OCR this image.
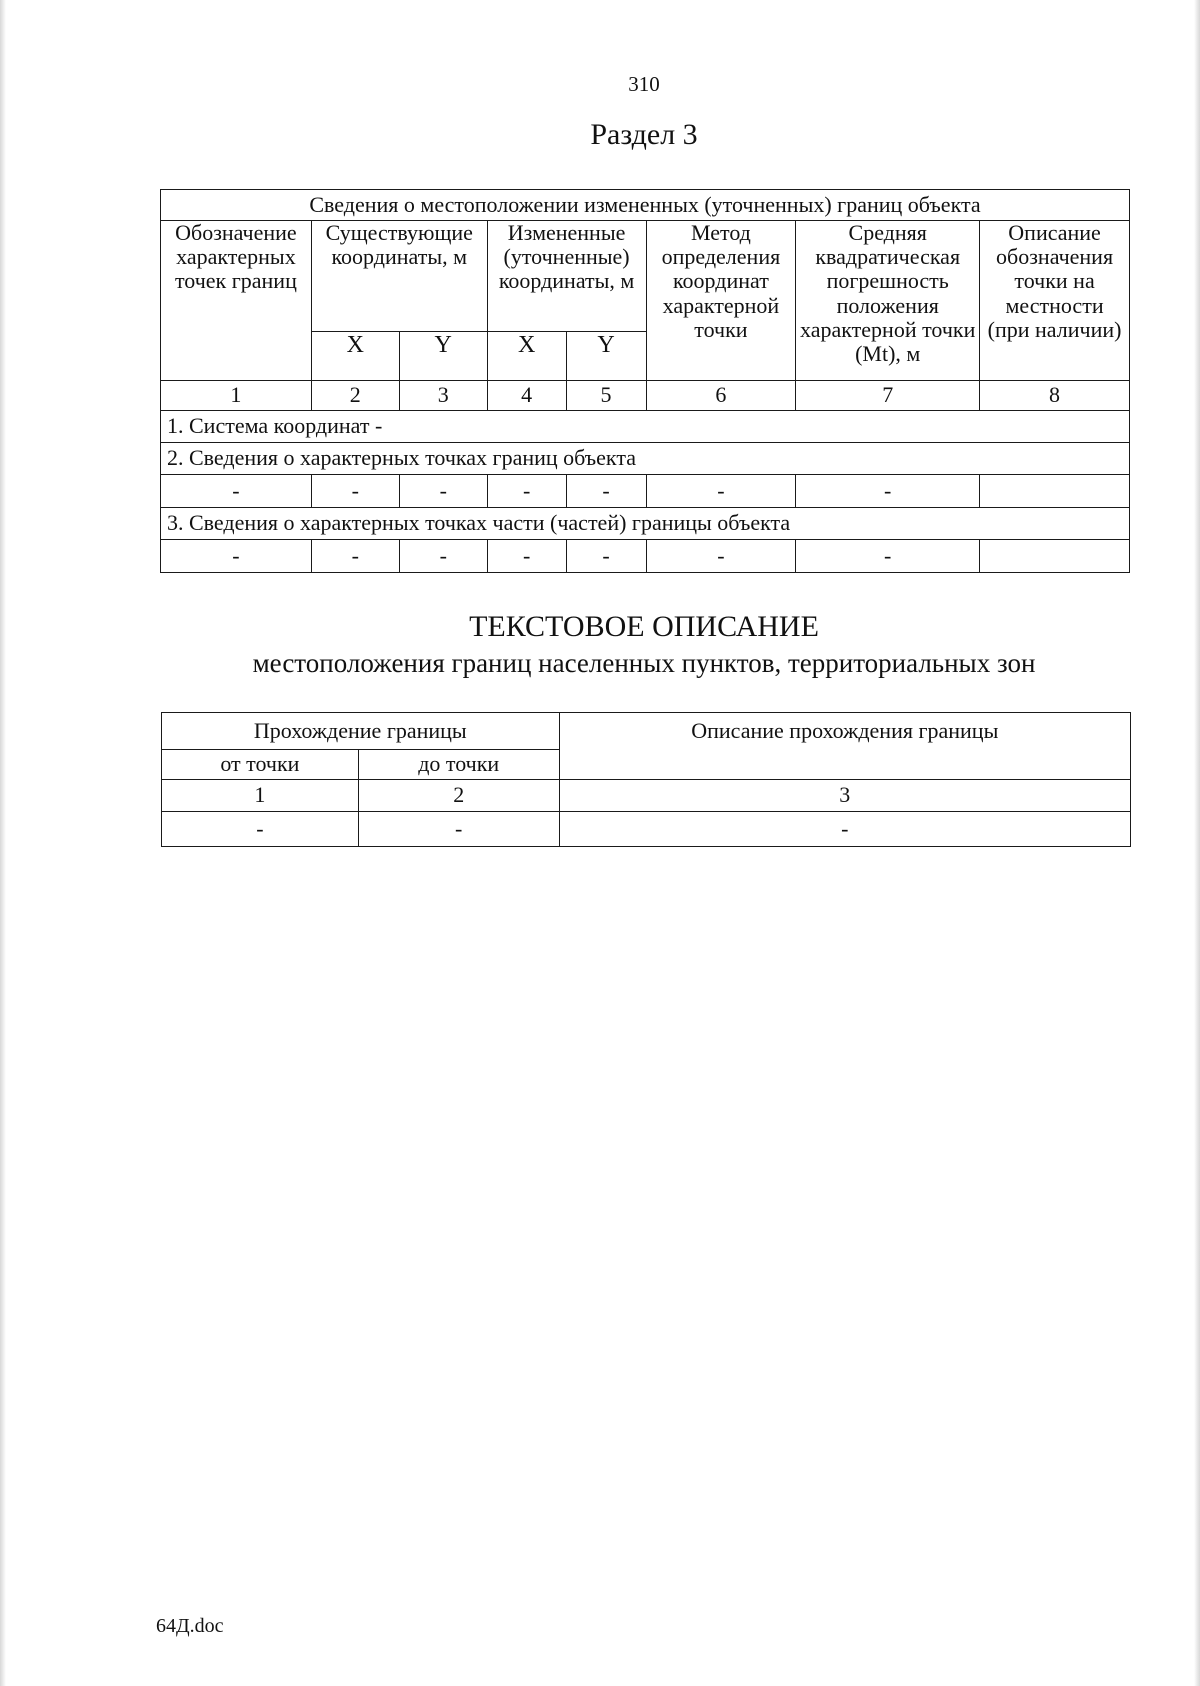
310
Раздел 3
Сведения о местоположении измененных (уточненных) границ объекта							
Обозначение характерных точек границ	Существующие координаты, м		Измененные (уточненные) координаты, м		Метод определения координат характерной точки	Средняя квадратическая погрешность положения характерной точки (Mt), м	Описание обозначения точки на местности (при наличии)
	X	Y	X	Y			
1	2	3	4	5	6	7	8
1. Система координат -							
2. Сведения о характерных точках границ объекта							
-	-	-	-	-	-	-	
3. Сведения о характерных точках части (частей) границы объекта							
-	-	-	-	-	-	-	
ТЕКСТОВОЕ ОПИСАНИЕ
местоположения границ населенных пунктов, территориальных зон
Прохождение границы		Описание прохождения границы
от точки	до точки	
1	2	3
-	-	-
64Д.doc
